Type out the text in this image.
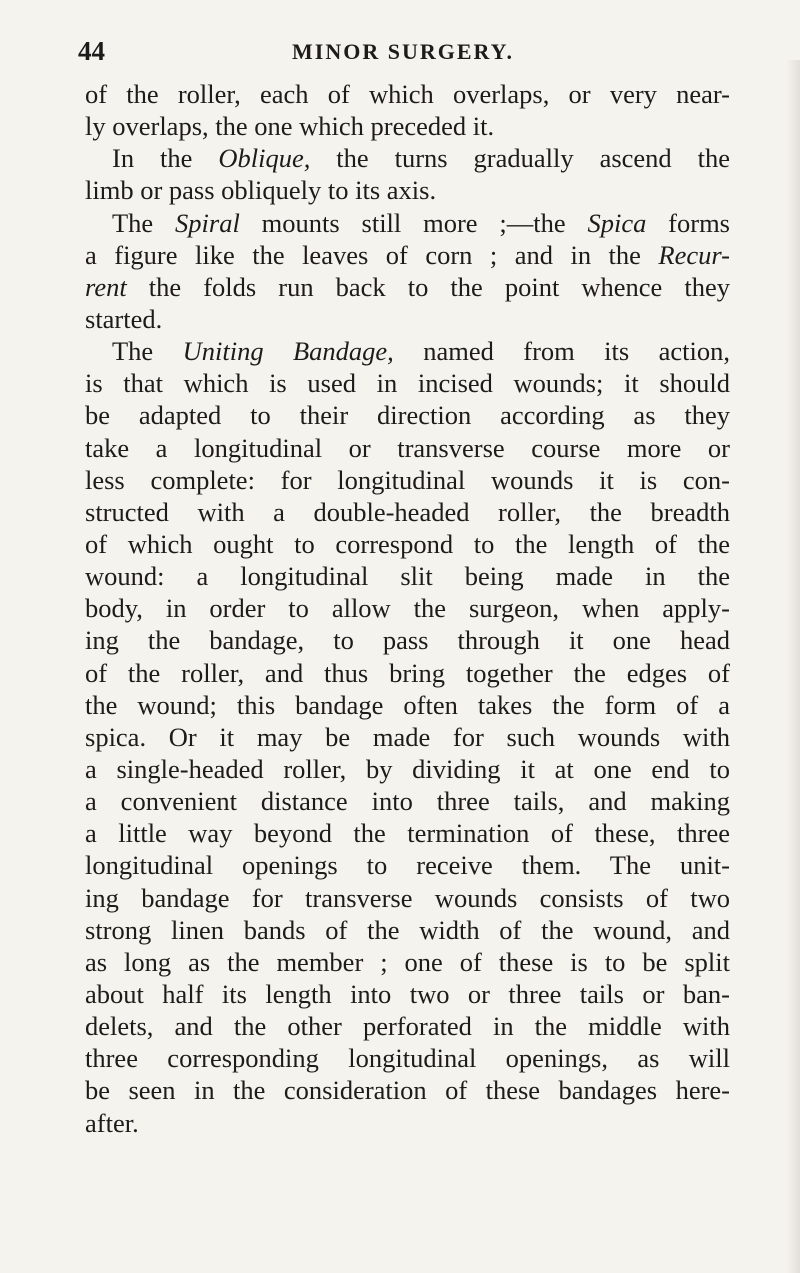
44	MINOR SURGERY.
of the roller, each of which overlaps, or very near-
ly overlaps, the one which preceded it.
In the Oblique, the turns gradually ascend the
limb or pass obliquely to its axis.
The Spiral mounts still more ;—the Spica forms
a figure like the leaves of corn ; and in the Recur-
rent the folds run back to the point whence they
started.
The Uniting Bandage, named from its action,
is that which is used in incised wounds; it should
be adapted to their direction according as they
take a longitudinal or transverse course more or
less complete: for longitudinal wounds it is con-
structed with a double-headed roller, the breadth
of which ought to correspond to the length of the
wound: a longitudinal slit being made in the
body, in order to allow the surgeon, when apply-
ing the bandage, to pass through it one head
of the roller, and thus bring together the edges of
the wound; this bandage often takes the form of a
spica. Or it may be made for such wounds with
a single-headed roller, by dividing it at one end to
a convenient distance into three tails, and making
a little way beyond the termination of these, three
longitudinal openings to receive them. The unit-
ing bandage for transverse wounds consists of two
strong linen bands of the width of the wound, and
as long as the member ; one of these is to be split
about half its length into two or three tails or ban-
delets, and the other perforated in the middle with
three corresponding longitudinal openings, as will
be seen in the consideration of these bandages here-
after.
